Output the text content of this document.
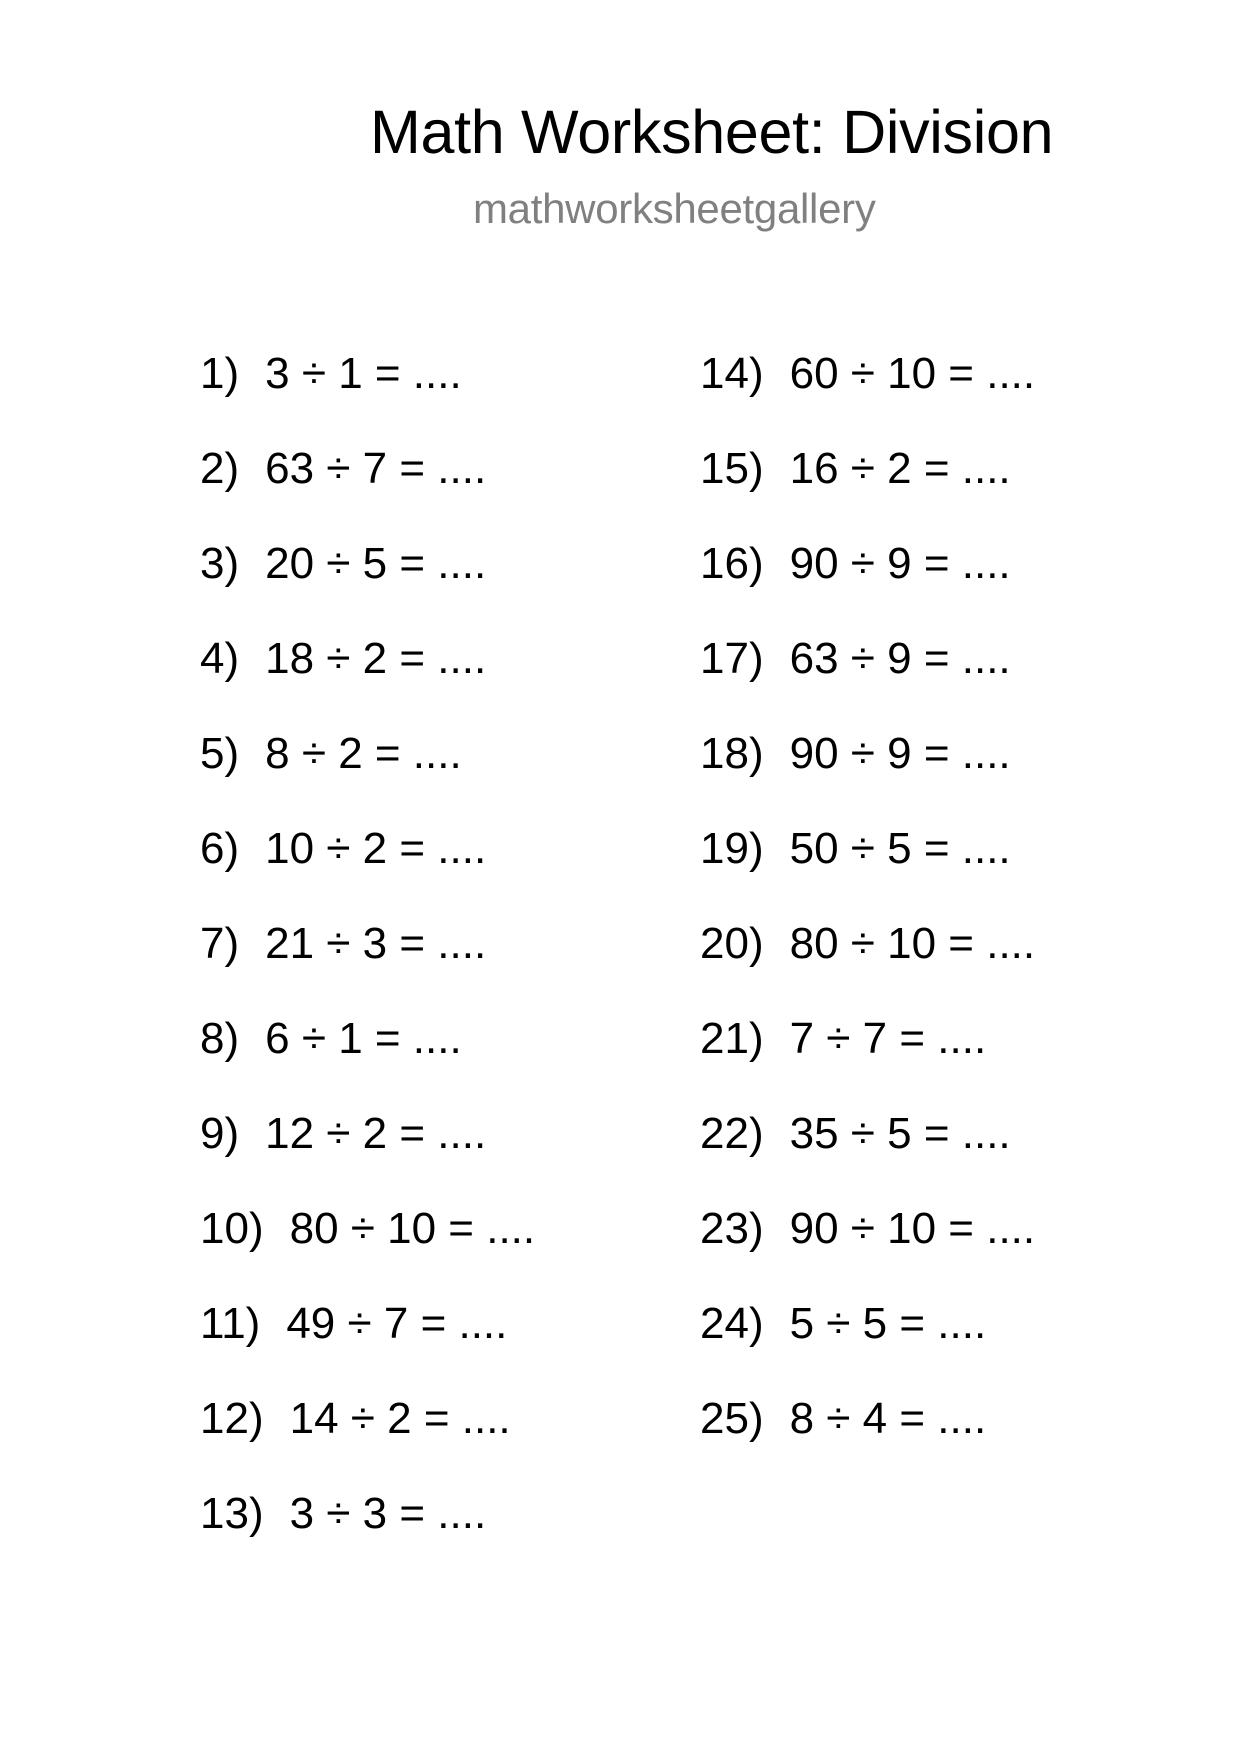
Math Worksheet: Division
mathworksheetgallery
1) 3 ÷ 1 = ....
2) 63 ÷ 7 = ....
3) 20 ÷ 5 = ....
4) 18 ÷ 2 = ....
5) 8 ÷ 2 = ....
6) 10 ÷ 2 = ....
7) 21 ÷ 3 = ....
8) 6 ÷ 1 = ....
9) 12 ÷ 2 = ....
10) 80 ÷ 10 = ....
11) 49 ÷ 7 = ....
12) 14 ÷ 2 = ....
13) 3 ÷ 3 = ....
14) 60 ÷ 10 = ....
15) 16 ÷ 2 = ....
16) 90 ÷ 9 = ....
17) 63 ÷ 9 = ....
18) 90 ÷ 9 = ....
19) 50 ÷ 5 = ....
20) 80 ÷ 10 = ....
21) 7 ÷ 7 = ....
22) 35 ÷ 5 = ....
23) 90 ÷ 10 = ....
24) 5 ÷ 5 = ....
25) 8 ÷ 4 = ....
